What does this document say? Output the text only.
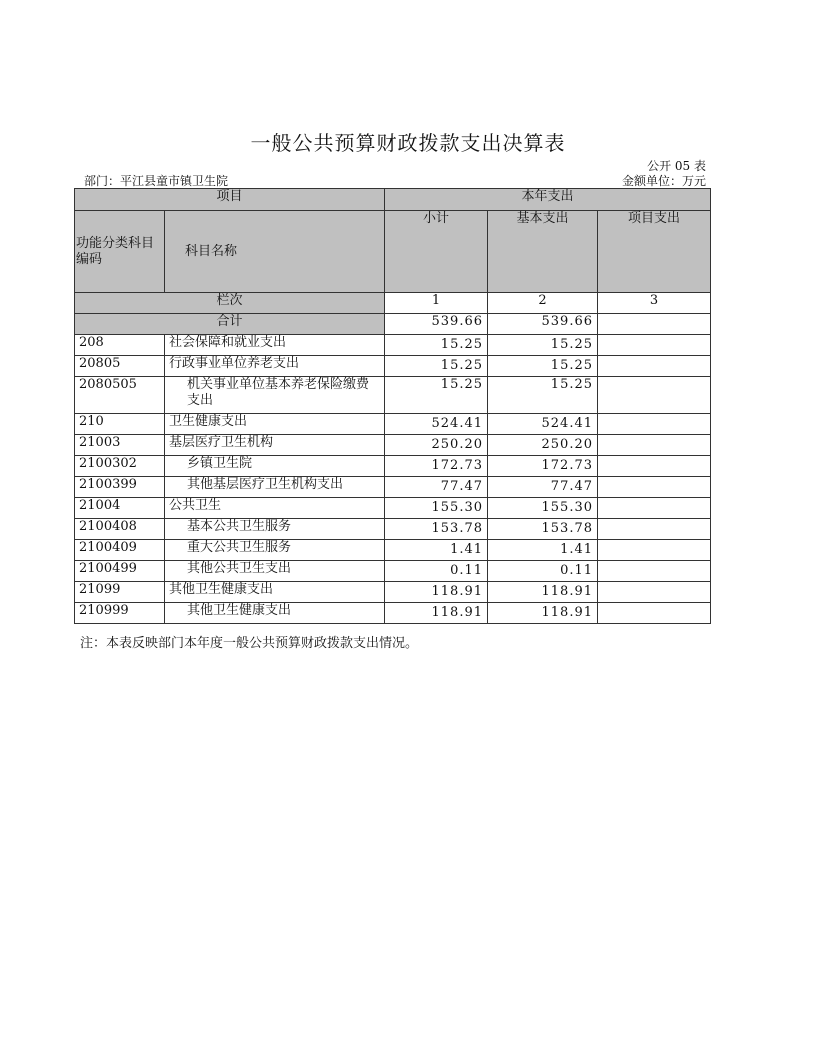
一般公共预算财政拨款支出决算表
公开 05 表
部门：平江县童市镇卫生院	金额单位：万元
项目		本年支出		
功能分类科目编码	科目名称	小计	基本支出	项目支出
栏次		1	2	3
合计		539.66	539.66	
208	社会保障和就业支出	15.25	15.25	
20805	行政事业单位养老支出	15.25	15.25	
2080505	机关事业单位基本养老保险缴费支出	15.25	15.25	
210	卫生健康支出	524.41	524.41	
21003	基层医疗卫生机构	250.20	250.20	
2100302	乡镇卫生院	172.73	172.73	
2100399	其他基层医疗卫生机构支出	77.47	77.47	
21004	公共卫生	155.30	155.30	
2100408	基本公共卫生服务	153.78	153.78	
2100409	重大公共卫生服务	1.41	1.41	
2100499	其他公共卫生支出	0.11	0.11	
21099	其他卫生健康支出	118.91	118.91	
210999	其他卫生健康支出	118.91	118.91	
注：本表反映部门本年度一般公共预算财政拨款支出情况。
